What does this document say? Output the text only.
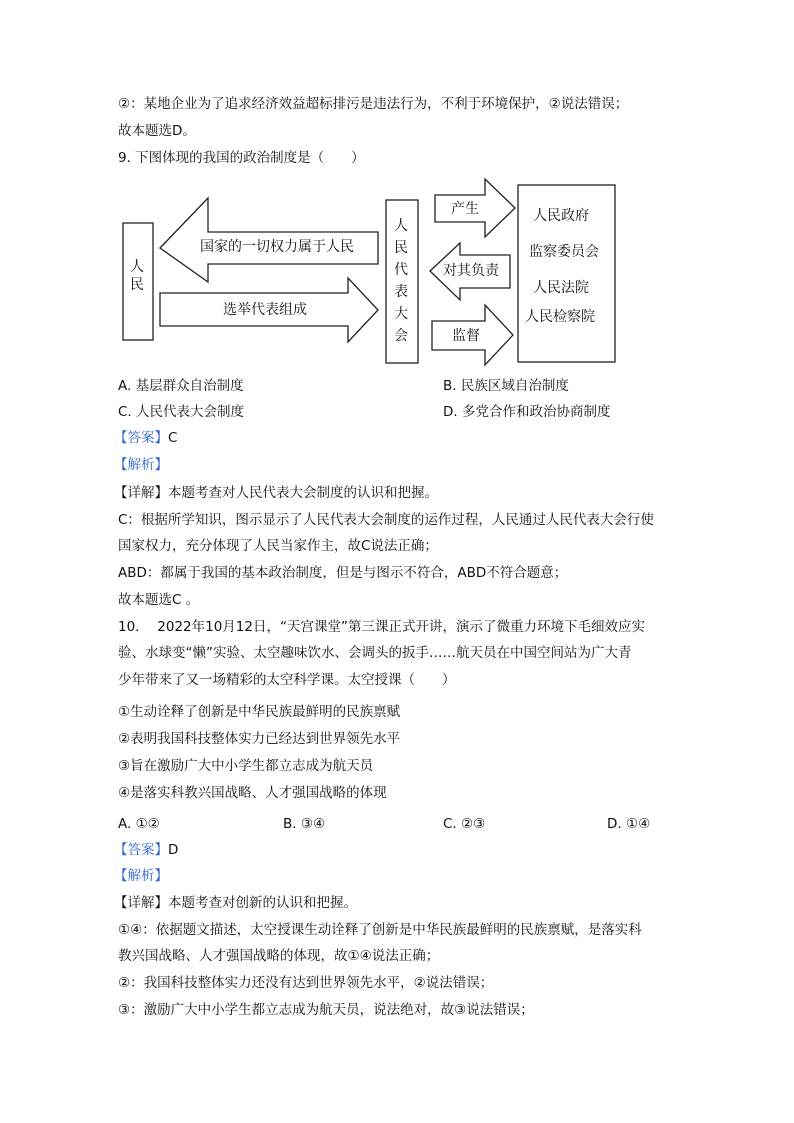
②：某地企业为了追求经济效益超标排污是违法行为，不利于环境保护，②说法错误；
故本题选D。
9. 下图体现的我国的政治制度是（　　）
人民
国家的一切权力属于人民
选举代表组成
人民代表大会
产生
对其负责
监督
人民政府
监察委员会
人民法院
人民检察院
A. 基层群众自治制度	B. 民族区域自治制度
C. 人民代表大会制度	D. 多党合作和政治协商制度
【答案】C
【解析】
【详解】本题考查对人民代表大会制度的认识和把握。
C：根据所学知识，图示显示了人民代表大会制度的运作过程，人民通过人民代表大会行使
国家权力，充分体现了人民当家作主，故C说法正确；
ABD：都属于我国的基本政治制度，但是与图示不符合，ABD不符合题意；
故本题选C 。
10.　 2022年10月12日，“天宫课堂”第三课正式开讲，演示了微重力环境下毛细效应实
验、水球变“懒”实验、太空趣味饮水、会调头的扳手……航天员在中国空间站为广大青
少年带来了又一场精彩的太空科学课。太空授课（　　）
①生动诠释了创新是中华民族最鲜明的民族禀赋
②表明我国科技整体实力已经达到世界领先水平
③旨在激励广大中小学生都立志成为航天员
④是落实科教兴国战略、人才强国战略的体现
A. ①②	B. ③④	C. ②③	D. ①④
【答案】D
【解析】
【详解】本题考查对创新的认识和把握。
①④：依据题文描述，太空授课生动诠释了创新是中华民族最鲜明的民族禀赋，是落实科
教兴国战略、人才强国战略的体现，故①④说法正确；
②：我国科技整体实力还没有达到世界领先水平，②说法错误；
③：激励广大中小学生都立志成为航天员，说法绝对，故③说法错误；
